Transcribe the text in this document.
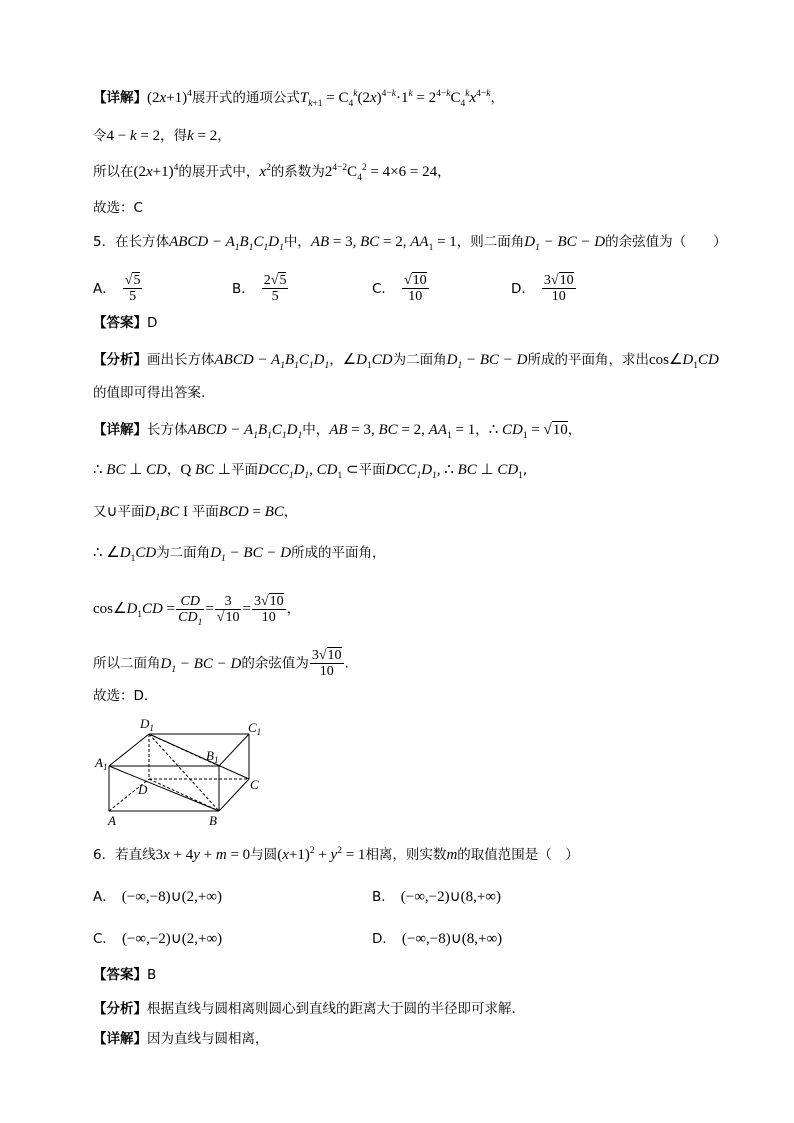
【详解】$(2x+1)^4$展开式的通项公式$T_{k+1} = C_4^k(2x)^{4-k}\cdot 1^k = 2^{4-k}C_4^kx^{4-k}$，
令4 − k = 2，得k = 2，
所以在$(2x+1)^4$的展开式中，$x^2$的系数为$2^{4-2}C_4^2 = 4\times 6 = 24$，
故选：C
5．在长方体ABCD − $A_1B_1C_1D_1$中，AB = 3, BC = 2, $AA_1 = 1$，则二面角$D_1$ − BC − D的余弦值为（　　）
A． $\frac{√5}{5}$	B． $\frac{2√5}{5}$	C． $\frac{√10}{10}$	D． $\frac{3√10}{10}$
【答案】D
【分析】画出长方体ABCD − $A_1B_1C_1D_1$，$\angle D_1CD$为二面角$D_1$ − BC − D所成的平面角，求出$\cos\angle D_1CD$
的值即可得出答案.
【详解】长方体ABCD − $A_1B_1C_1D_1$中，AB = 3, BC = 2, $AA_1 = 1$，∴ $CD_1 = √10$，
∴ BC ⊥ CD，Q BC ⊥平面$DCC_1D_1$, $CD_1$ ⊂平面$DCC_1D_1$, ∴ BC ⊥ $CD_1$,
又∪平面$D_1BC$ I 平面BCD = BC，
∴ $\angle D_1CD$为二面角$D_1$ − BC − D所成的平面角，
$\cos\angle D_1CD = \frac{CD}{CD_1} = \frac{3}{√10} = \frac{3√10}{10}$ ，
所以二面角$D_1$ − BC − D的余弦值为 $\frac{3√10}{10}$ .
故选：D.
$D_1$	$C_1$
$A_1$
$B_1$
D	C
A	B
6．若直线3x + 4y + m = 0与圆$(x+1)^2 + y^2 = 1$相离，则实数m的取值范围是（　）
A． (−∞,−8)∪(2,+∞)	B． (−∞,−2)∪(8,+∞)
C． (−∞,−2)∪(2,+∞)	D． (−∞,−8)∪(8,+∞)
【答案】B
【分析】根据直线与圆相离则圆心到直线的距离大于圆的半径即可求解.
【详解】因为直线与圆相离，
